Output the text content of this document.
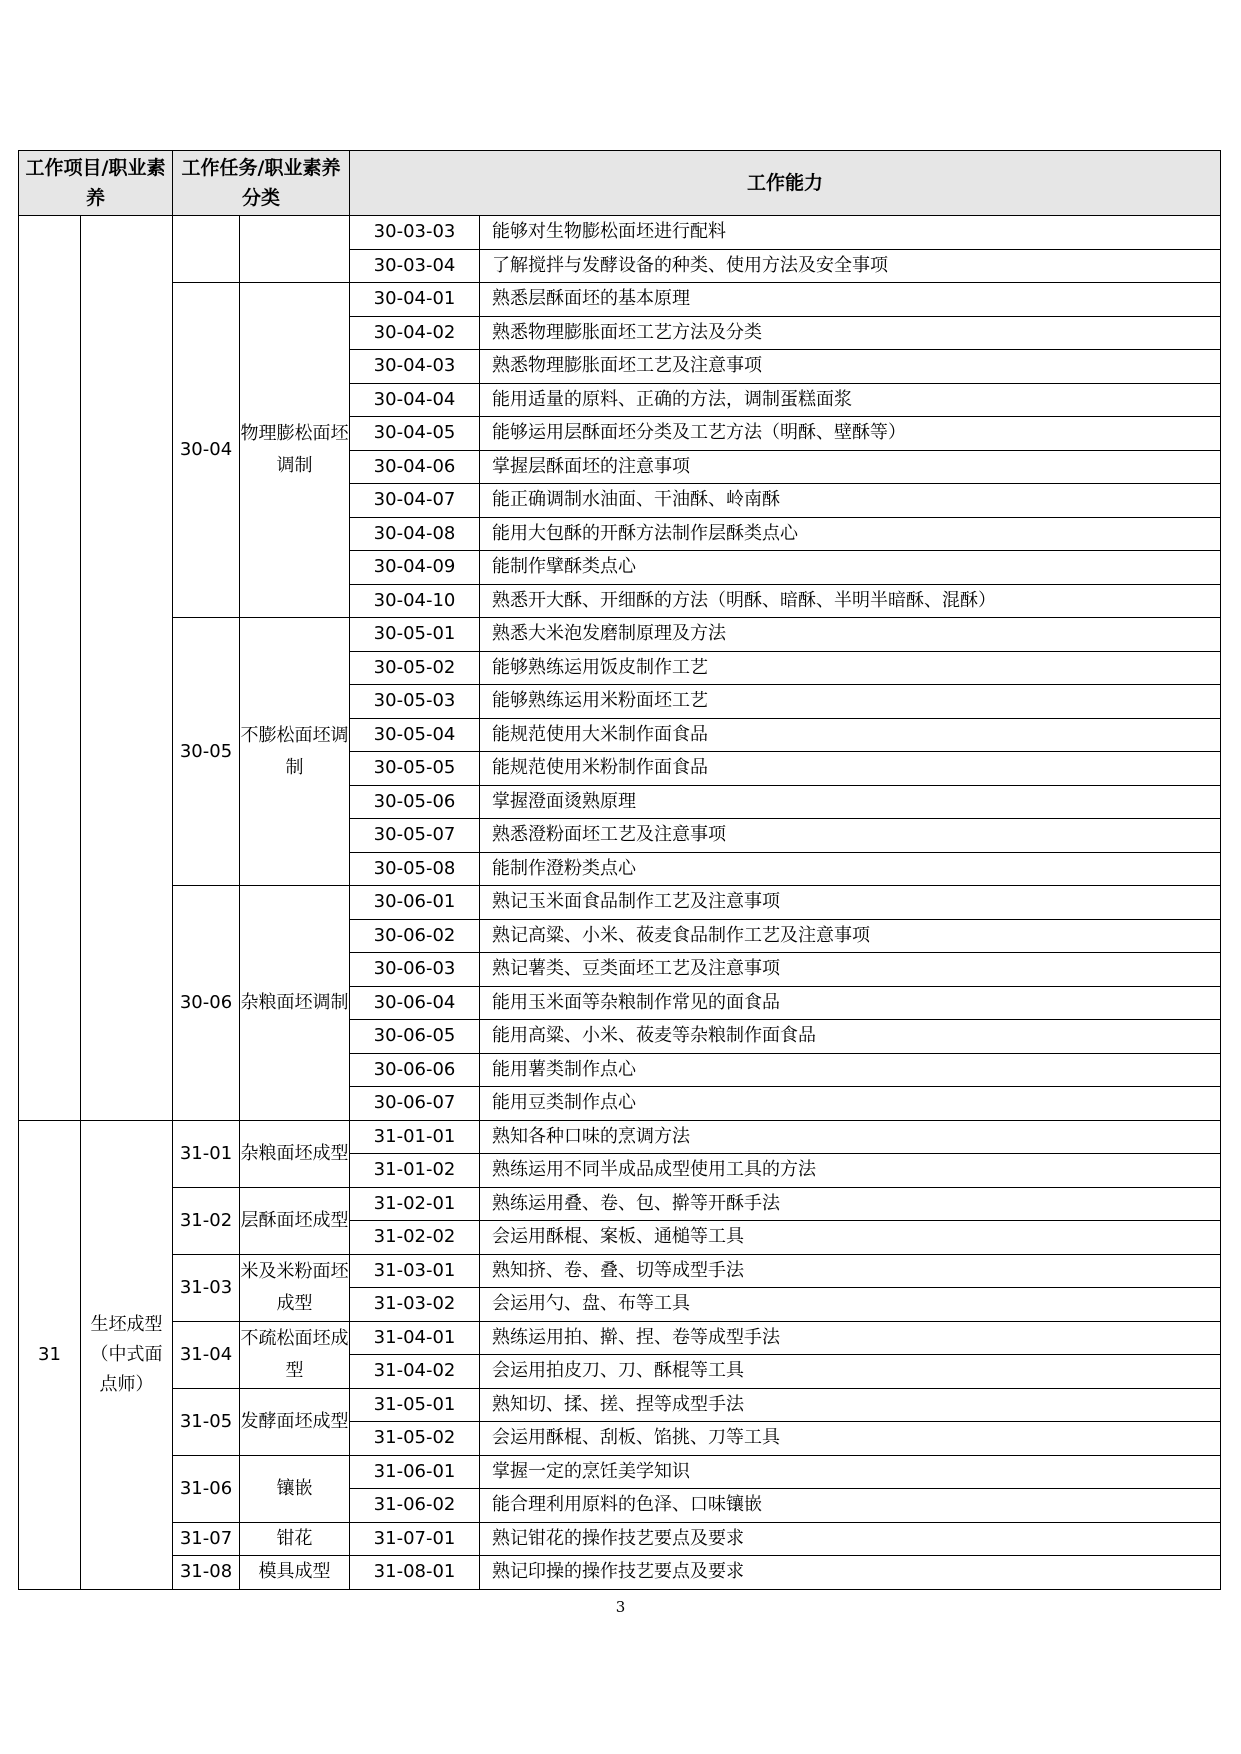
工作项目/职业素养		工作任务/职业素养分类		工作能力	
				30-03-03	能够对生物膨松面坯进行配料
				30-03-04	了解搅拌与发酵设备的种类、使用方法及安全事项
		30-04	物理膨松面坯调制	30-04-01	熟悉层酥面坯的基本原理
				30-04-02	熟悉物理膨胀面坯工艺方法及分类
				30-04-03	熟悉物理膨胀面坯工艺及注意事项
				30-04-04	能用适量的原料、正确的方法，调制蛋糕面浆
				30-04-05	能够运用层酥面坯分类及工艺方法（明酥、壁酥等）
				30-04-06	掌握层酥面坯的注意事项
				30-04-07	能正确调制水油面、干油酥、岭南酥
				30-04-08	能用大包酥的开酥方法制作层酥类点心
				30-04-09	能制作擘酥类点心
				30-04-10	熟悉开大酥、开细酥的方法（明酥、暗酥、半明半暗酥、混酥）
		30-05	不膨松面坯调制	30-05-01	熟悉大米泡发磨制原理及方法
				30-05-02	能够熟练运用饭皮制作工艺
				30-05-03	能够熟练运用米粉面坯工艺
				30-05-04	能规范使用大米制作面食品
				30-05-05	能规范使用米粉制作面食品
				30-05-06	掌握澄面烫熟原理
				30-05-07	熟悉澄粉面坯工艺及注意事项
				30-05-08	能制作澄粉类点心
		30-06	杂粮面坯调制	30-06-01	熟记玉米面食品制作工艺及注意事项
				30-06-02	熟记高粱、小米、莜麦食品制作工艺及注意事项
				30-06-03	熟记薯类、豆类面坯工艺及注意事项
				30-06-04	能用玉米面等杂粮制作常见的面食品
				30-06-05	能用高粱、小米、莜麦等杂粮制作面食品
				30-06-06	能用薯类制作点心
				30-06-07	能用豆类制作点心
31	生坯成型（中式面点师）	31-01	杂粮面坯成型	31-01-01	熟知各种口味的烹调方法
				31-01-02	熟练运用不同半成品成型使用工具的方法
		31-02	层酥面坯成型	31-02-01	熟练运用叠、卷、包、擀等开酥手法
				31-02-02	会运用酥棍、案板、通槌等工具
		31-03	米及米粉面坯成型	31-03-01	熟知挤、卷、叠、切等成型手法
				31-03-02	会运用勺、盘、布等工具
		31-04	不疏松面坯成型	31-04-01	熟练运用拍、擀、捏、卷等成型手法
				31-04-02	会运用拍皮刀、刀、酥棍等工具
		31-05	发酵面坯成型	31-05-01	熟知切、揉、搓、捏等成型手法
				31-05-02	会运用酥棍、刮板、馅挑、刀等工具
		31-06	镶嵌	31-06-01	掌握一定的烹饪美学知识
				31-06-02	能合理利用原料的色泽、口味镶嵌
		31-07	钳花	31-07-01	熟记钳花的操作技艺要点及要求
		31-08	模具成型	31-08-01	熟记印操的操作技艺要点及要求
3
